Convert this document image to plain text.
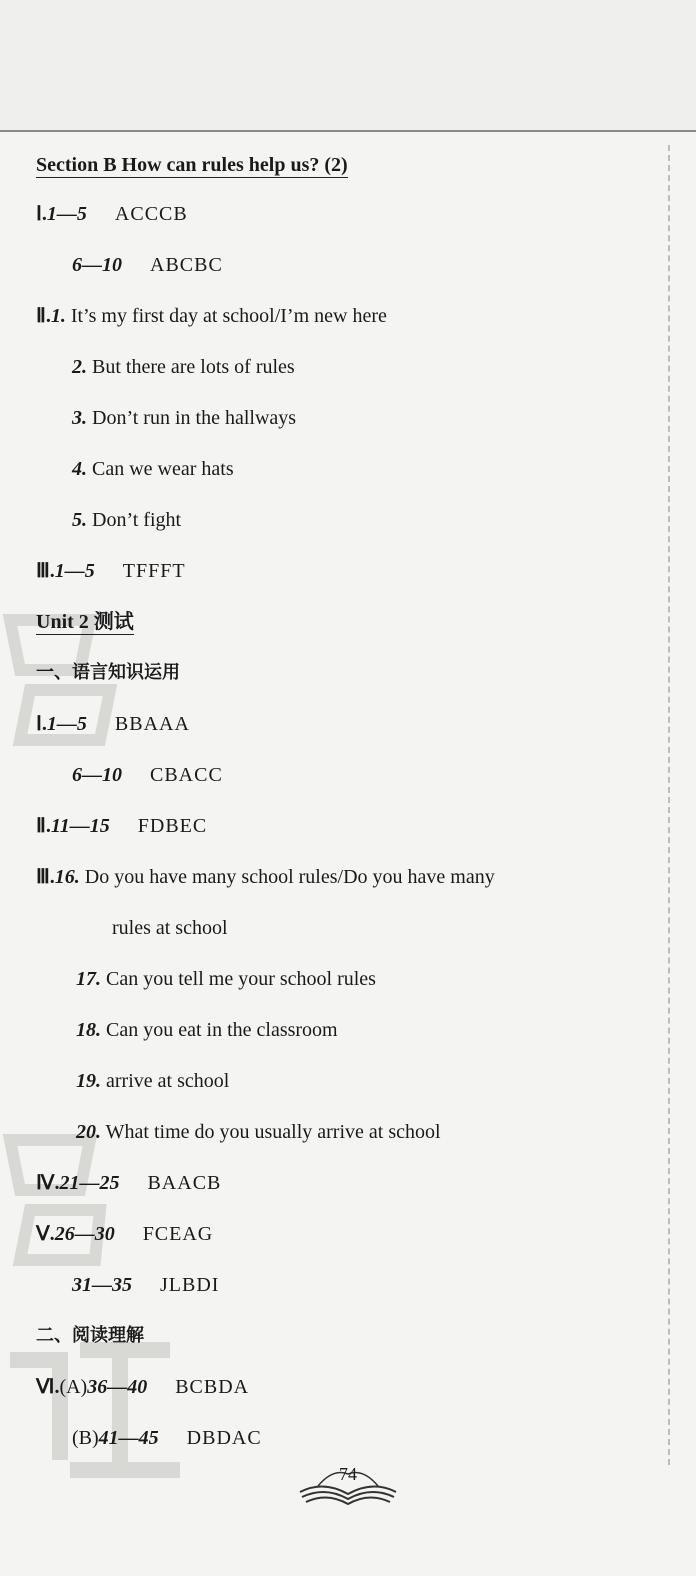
Section B How can rules help us? (2)
Ⅰ.1—5 ACCCB
6—10 ABCBC
Ⅱ.1. It’s my first day at school/I’m new here
2. But there are lots of rules
3. Don’t run in the hallways
4. Can we wear hats
5. Don’t fight
Ⅲ.1—5 TFFFT
Unit 2 测试
一、语言知识运用
Ⅰ.1—5 BBAAA
6—10 CBACC
Ⅱ.11—15 FDBEC
Ⅲ.16. Do you have many school rules/Do you have many
rules at school
17. Can you tell me your school rules
18. Can you eat in the classroom
19. arrive at school
20. What time do you usually arrive at school
Ⅳ.21—25 BAACB
Ⅴ.26—30 FCEAG
31—35 JLBDI
二、阅读理解
Ⅵ.(A)36—40 BCBDA
(B)41—45 DBDAC
74
